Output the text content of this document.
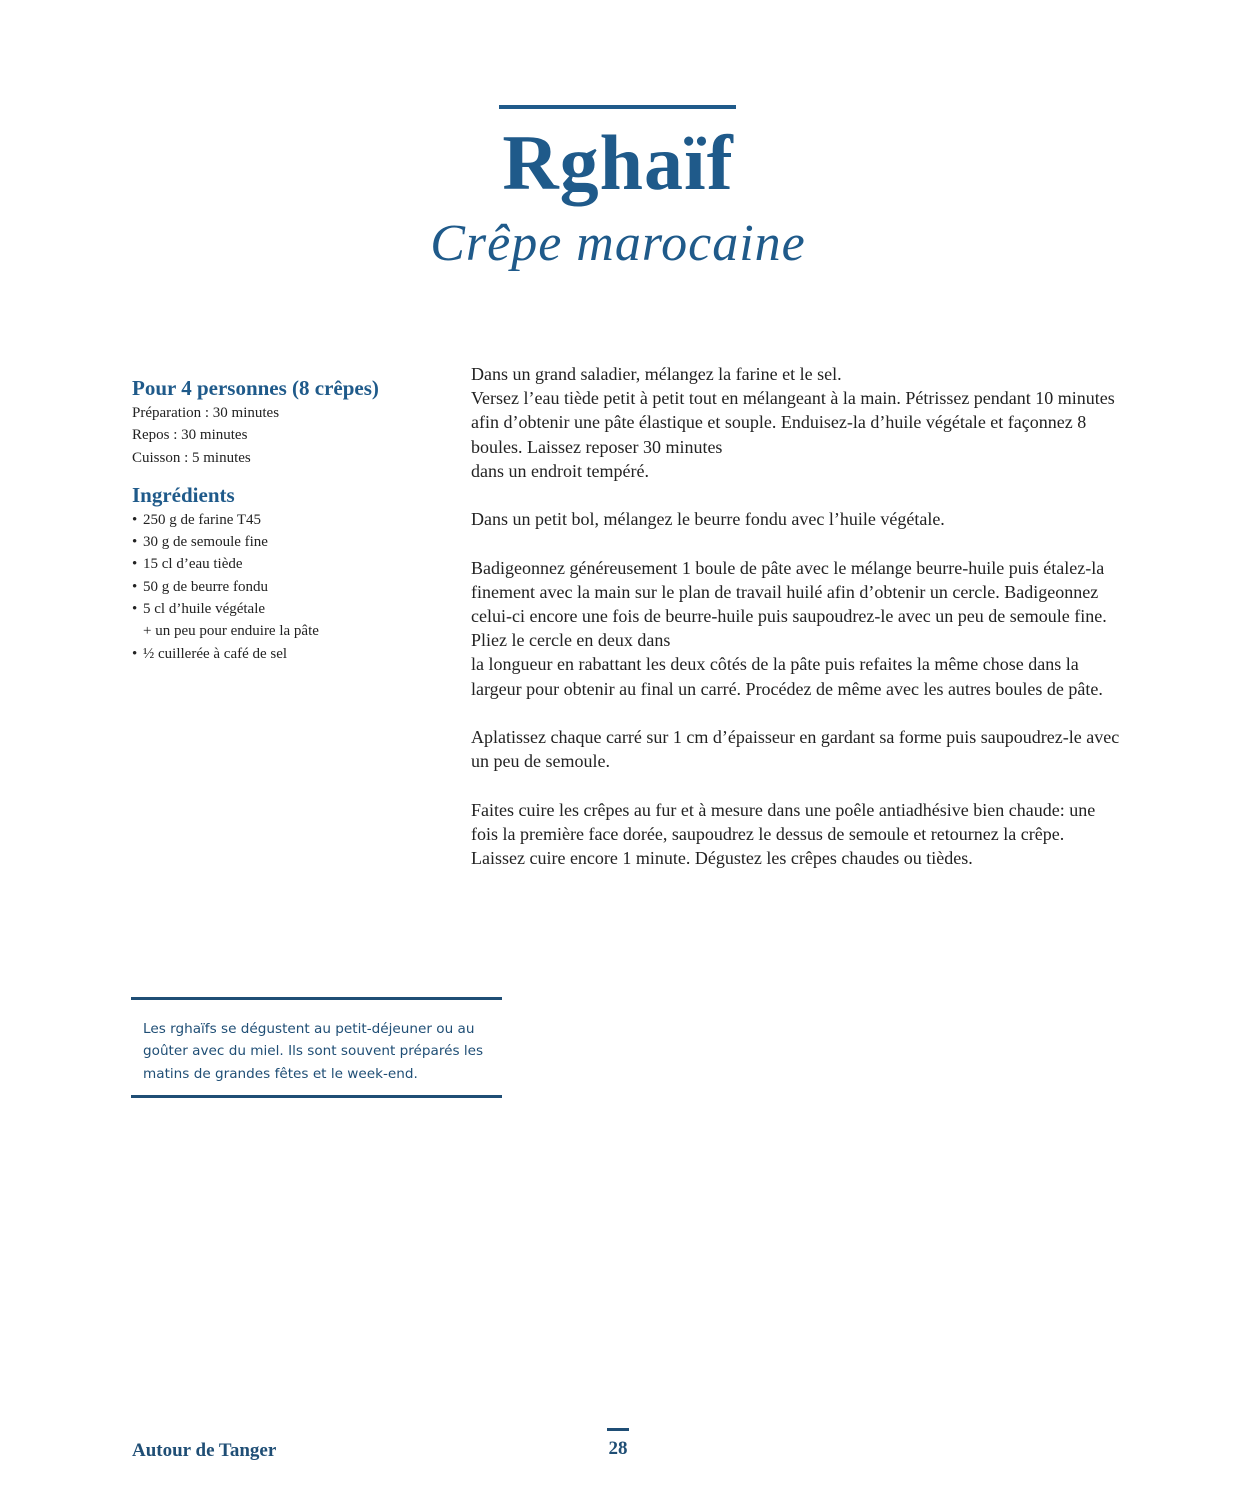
Rghaïf
Crêpe marocaine

Pour 4 personnes (8 crêpes)

Préparation : 30 minutes

Repos : 30 minutes

Cuisson : 5 minutes

Ingrédients

• 250 g de farine T45
• 30 g de semoule fine
• 15 cl d’eau tiède
• 50 g de beurre fondu
• 5 cl d’huile végétale
+ un peu pour enduire la pâte
• ½ cuillerée à café de sel

Dans un grand saladier, mélangez la farine et le sel.
Versez l’eau tiède petit à petit tout en mélangeant à la main. Pétrissez pendant 10 minutes afin d’obtenir une pâte élastique et souple. Enduisez-la d’huile végétale et façonnez 8 boules. Laissez reposer 30 minutes
dans un endroit tempéré.

Dans un petit bol, mélangez le beurre fondu avec l’huile végétale.

Badigeonnez généreusement 1 boule de pâte avec le mélange beurre-huile puis étalez-la finement avec la main sur le plan de travail huilé afin d’obtenir un cercle. Badigeonnez celui-ci encore une fois de beurre-huile puis saupoudrez-le avec un peu de semoule fine. Pliez le cercle en deux dans
la longueur en rabattant les deux côtés de la pâte puis refaites la même chose dans la largeur pour obtenir au final un carré. Procédez de même avec les autres boules de pâte.

Aplatissez chaque carré sur 1 cm d’épaisseur en gardant sa forme puis saupoudrez-le avec un peu de semoule.

Faites cuire les crêpes au fur et à mesure dans une poêle antiadhésive bien chaude: une fois la première face dorée, saupoudrez le dessus de semoule et retournez la crêpe. Laissez cuire encore 1 minute. Dégustez les crêpes chaudes ou tièdes.

Les rghaïfs se dégustent au petit-déjeuner ou au goûter avec du miel. Ils sont souvent préparés les matins de grandes fêtes et le week-end.
Autour de Tanger	28
